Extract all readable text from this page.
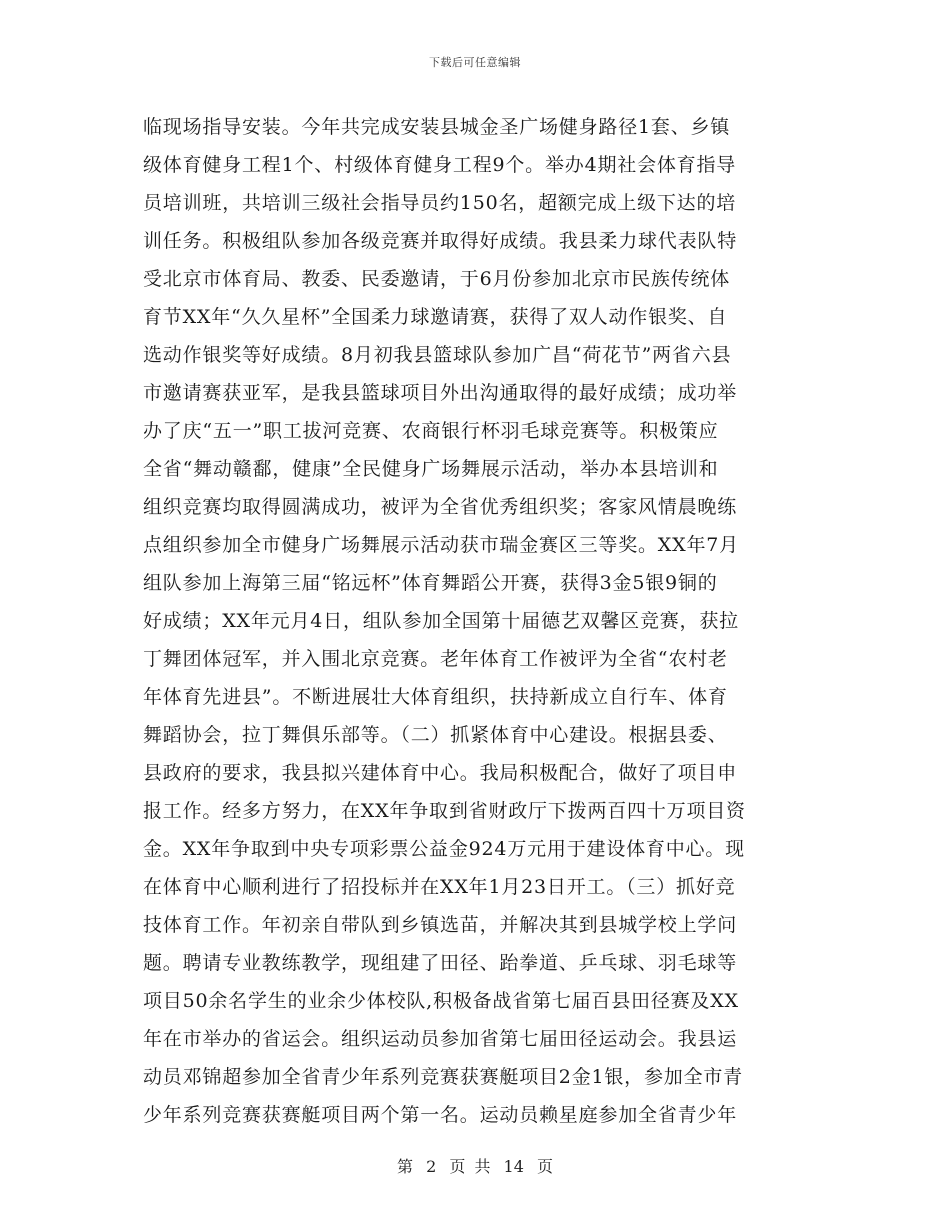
下载后可任意编辑
临现场指导安装。今年共完成安装县城金圣广场健身路径1套、乡镇
级体育健身工程1个、村级体育健身工程9个。举办4期社会体育指导
员培训班，共培训三级社会指导员约150名，超额完成上级下达的培
训任务。积极组队参加各级竞赛并取得好成绩。我县柔力球代表队特
受北京市体育局、教委、民委邀请，于6月份参加北京市民族传统体
育节XX年“久久星杯”全国柔力球邀请赛，获得了双人动作银奖、自
选动作银奖等好成绩。8月初我县篮球队参加广昌“荷花节”两省六县
市邀请赛获亚军，是我县篮球项目外出沟通取得的最好成绩；成功举
办了庆“五一”职工拔河竞赛、农商银行杯羽毛球竞赛等。积极策应
全省“舞动赣鄱，健康”全民健身广场舞展示活动，举办本县培训和
组织竞赛均取得圆满成功，被评为全省优秀组织奖；客家风情晨晚练
点组织参加全市健身广场舞展示活动获市瑞金赛区三等奖。XX年7月
组队参加上海第三届“铭远杯”体育舞蹈公开赛，获得3金5银9铜的
好成绩；XX年元月4日，组队参加全国第十届德艺双馨区竞赛，获拉
丁舞团体冠军，并入围北京竞赛。老年体育工作被评为全省“农村老
年体育先进县”。不断进展壮大体育组织，扶持新成立自行车、体育
舞蹈协会，拉丁舞俱乐部等。（二）抓紧体育中心建设。根据县委、
县政府的要求，我县拟兴建体育中心。我局积极配合，做好了项目申
报工作。经多方努力，在XX年争取到省财政厅下拨两百四十万项目资
金。XX年争取到中央专项彩票公益金924万元用于建设体育中心。现
在体育中心顺利进行了招投标并在XX年1月23日开工。（三）抓好竞
技体育工作。年初亲自带队到乡镇选苗，并解决其到县城学校上学问
题。聘请专业教练教学，现组建了田径、跆拳道、乒乓球、羽毛球等
项目50余名学生的业余少体校队,积极备战省第七届百县田径赛及XX
年在市举办的省运会。组织运动员参加省第七届田径运动会。我县运
动员邓锦超参加全省青少年系列竞赛获赛艇项目2金1银，参加全市青
少年系列竞赛获赛艇项目两个第一名。运动员赖星庭参加全省青少年
第 2 页 共 14 页
